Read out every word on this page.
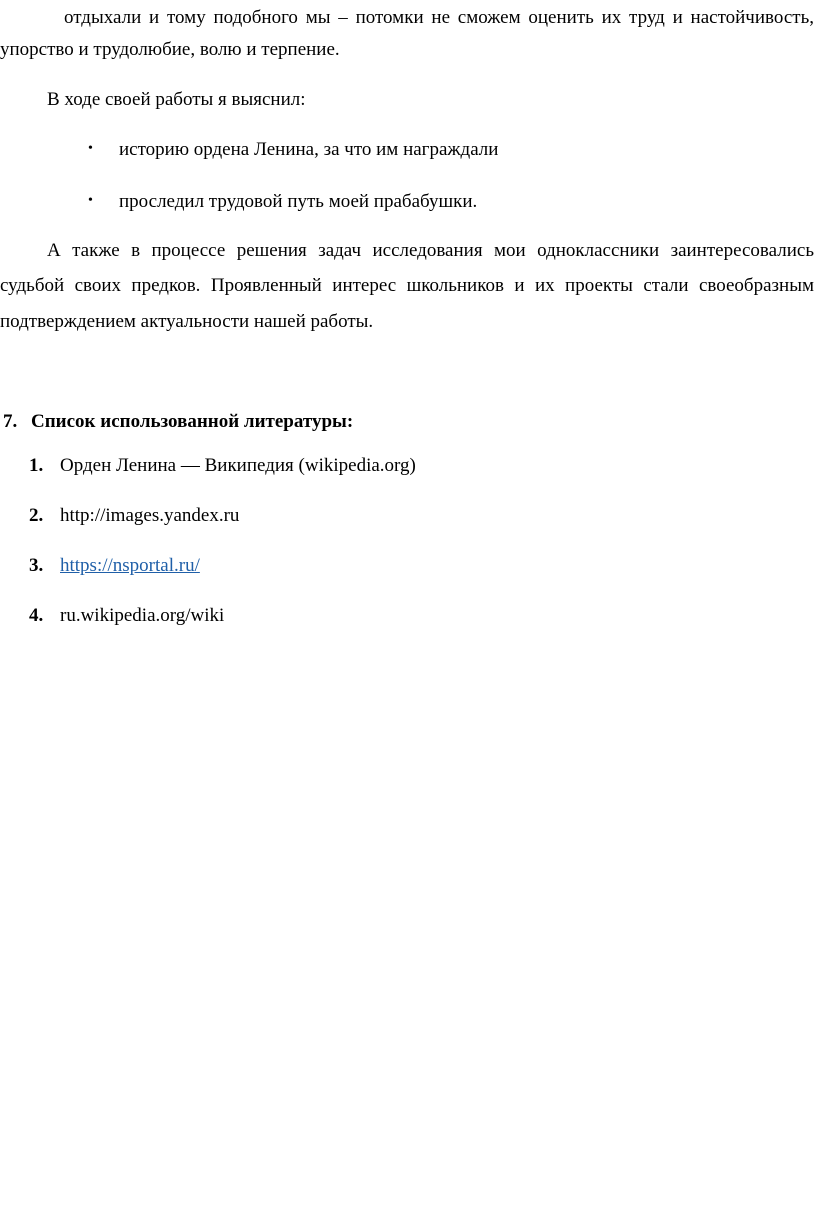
отдыхали и тому подобного мы – потомки не сможем оценить их труд и настойчивость,
упорство и трудолюбие, волю и терпение.
В ходе своей работы я выяснил:
• историю ордена Ленина, за что им награждали
• проследил трудовой путь моей прабабушки.
А также в процессе решения задач исследования мои одноклассники заинтересовались
судьбой своих предков. Проявленный интерес школьников и их проекты стали своеобразным
подтверждением актуальности нашей работы.
7. Список использованной литературы:
1. Орден Ленина — Википедия (wikipedia.org)
2. http://images.yandex.ru
3. https://nsportal.ru/
4. ru.wikipedia.org/wiki
